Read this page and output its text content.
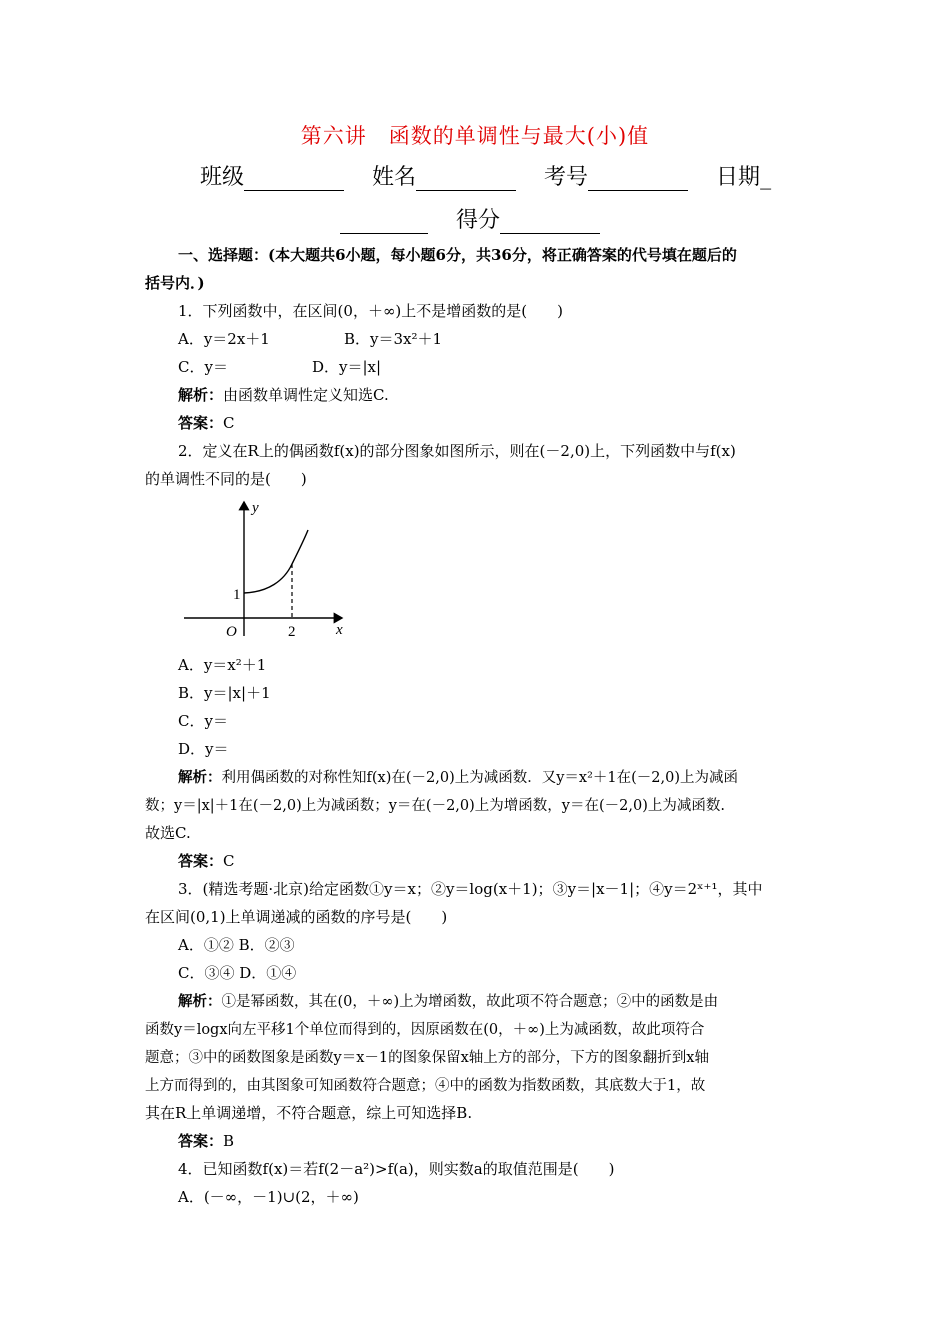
第六讲　函数的单调性与最大(小)值
班级	姓名	考号	日期_
得分
一、选择题：(本大题共6小题，每小题6分，共36分，将正确答案的代号填在题后的
括号内．)
1．下列函数中，在区间(0，＋∞)上不是增函数的是(　　)
A．y＝2x＋1	B．y＝3x²＋1
C．y＝	D．y＝|x|
解析：由函数单调性定义知选C.
答案：C
2．定义在R上的偶函数f(x)的部分图象如图所示，则在(－2,0)上，下列函数中与f(x)
的单调性不同的是(　　)
y
x
O
1
2
A．y＝x²＋1
B．y＝|x|＋1
C．y＝
D．y＝
解析：利用偶函数的对称性知f(x)在(－2,0)上为减函数．又y＝x²＋1在(－2,0)上为减函
数；y＝|x|＋1在(－2,0)上为减函数；y＝在(－2,0)上为增函数，y＝在(－2,0)上为减函数.
故选C.
答案：C
3．(精选考题·北京)给定函数①y＝x；②y＝log(x＋1)；③y＝|x－1|；④y＝2ˣ⁺¹，其中
在区间(0,1)上单调递减的函数的序号是(　　)
A．①② B．②③
C．③④ D．①④
解析：①是幂函数，其在(0，＋∞)上为增函数，故此项不符合题意；②中的函数是由
函数y＝logx向左平移1个单位而得到的，因原函数在(0，＋∞)上为减函数，故此项符合
题意；③中的函数图象是函数y＝x－1的图象保留x轴上方的部分，下方的图象翻折到x轴
上方而得到的，由其图象可知函数符合题意；④中的函数为指数函数，其底数大于1，故
其在R上单调递增，不符合题意，综上可知选择B.
答案：B
4．已知函数f(x)＝若f(2－a²)>f(a)，则实数a的取值范围是(　　)
A．(－∞，－1)∪(2，＋∞)
